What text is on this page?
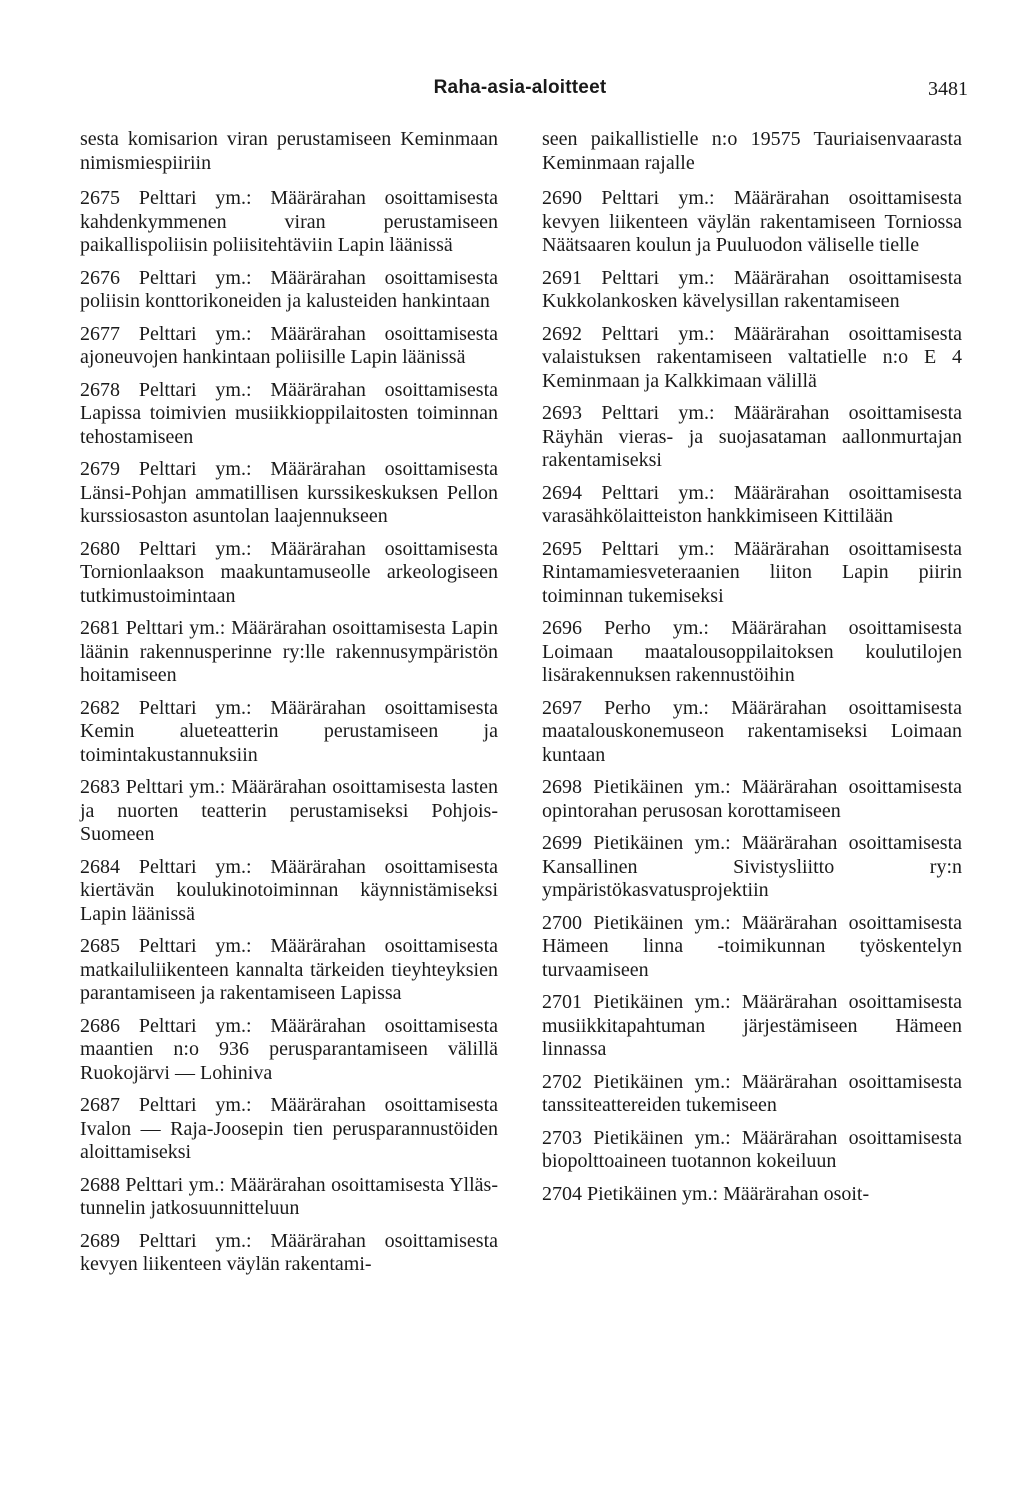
Raha-asia-aloitteet	3481

sesta komisarion viran perustamiseen Keminmaan nimismiespiiriin

2675 Pelttari ym.: Määrärahan osoittamisesta kahdenkymmenen viran perustamiseen paikallispoliisin poliisitehtäviin Lapin läänissä

2676 Pelttari ym.: Määrärahan osoittamisesta poliisin konttorikoneiden ja kalusteiden hankintaan

2677 Pelttari ym.: Määrärahan osoittamisesta ajoneuvojen hankintaan poliisille Lapin läänissä

2678 Pelttari ym.: Määrärahan osoittamisesta Lapissa toimivien musiikkioppilaitosten toiminnan tehostamiseen

2679 Pelttari ym.: Määrärahan osoittamisesta Länsi-Pohjan ammatillisen kurssikeskuksen Pellon kurssiosaston asuntolan laajennukseen

2680 Pelttari ym.: Määrärahan osoittamisesta Tornionlaakson maakuntamuseolle arkeologiseen tutkimustoimintaan

2681 Pelttari ym.: Määrärahan osoittamisesta Lapin läänin rakennusperinne ry:lle rakennusympäristön hoitamiseen

2682 Pelttari ym.: Määrärahan osoittamisesta Kemin alueteatterin perustamiseen ja toimintakustannuksiin

2683 Pelttari ym.: Määrärahan osoittamisesta lasten ja nuorten teatterin perustamiseksi Pohjois-Suomeen

2684 Pelttari ym.: Määrärahan osoittamisesta kiertävän koulukinotoiminnan käynnistämiseksi Lapin läänissä

2685 Pelttari ym.: Määrärahan osoittamisesta matkailuliikenteen kannalta tärkeiden tieyhteyksien parantamiseen ja rakentamiseen Lapissa

2686 Pelttari ym.: Määrärahan osoittamisesta maantien n:o 936 perusparantamiseen välillä Ruokojärvi — Lohiniva

2687 Pelttari ym.: Määrärahan osoittamisesta Ivalon — Raja-Joosepin tien perusparannustöiden aloittamiseksi

2688 Pelttari ym.: Määrärahan osoittamisesta Ylläs-tunnelin jatkosuunnitteluun

2689 Pelttari ym.: Määrärahan osoittamisesta kevyen liikenteen väylän rakentami-

seen paikallistielle n:o 19575 Tauriaisenvaarasta Keminmaan rajalle

2690 Pelttari ym.: Määrärahan osoittamisesta kevyen liikenteen väylän rakentamiseen Torniossa Näätsaaren koulun ja Puuluodon väliselle tielle

2691 Pelttari ym.: Määrärahan osoittamisesta Kukkolankosken kävelysillan rakentamiseen

2692 Pelttari ym.: Määrärahan osoittamisesta valaistuksen rakentamiseen valtatielle n:o E 4 Keminmaan ja Kalkkimaan välillä

2693 Pelttari ym.: Määrärahan osoittamisesta Räyhän vieras- ja suojasataman aallonmurtajan rakentamiseksi

2694 Pelttari ym.: Määrärahan osoittamisesta varasähkölaitteiston hankkimiseen Kittilään

2695 Pelttari ym.: Määrärahan osoittamisesta Rintamamiesveteraanien liiton Lapin piirin toiminnan tukemiseksi

2696 Perho ym.: Määrärahan osoittamisesta Loimaan maatalousoppilaitoksen koulutilojen lisärakennuksen rakennustöihin

2697 Perho ym.: Määrärahan osoittamisesta maatalouskonemuseon rakentamiseksi Loimaan kuntaan

2698 Pietikäinen ym.: Määrärahan osoittamisesta opintorahan perusosan korottamiseen

2699 Pietikäinen ym.: Määrärahan osoittamisesta Kansallinen Sivistysliitto ry:n ympäristökasvatusprojektiin

2700 Pietikäinen ym.: Määrärahan osoittamisesta Hämeen linna -toimikunnan työskentelyn turvaamiseen

2701 Pietikäinen ym.: Määrärahan osoittamisesta musiikkitapahtuman järjestämiseen Hämeen linnassa

2702 Pietikäinen ym.: Määrärahan osoittamisesta tanssiteattereiden tukemiseen

2703 Pietikäinen ym.: Määrärahan osoittamisesta biopolttoaineen tuotannon kokeiluun

2704 Pietikäinen ym.: Määrärahan osoit-
